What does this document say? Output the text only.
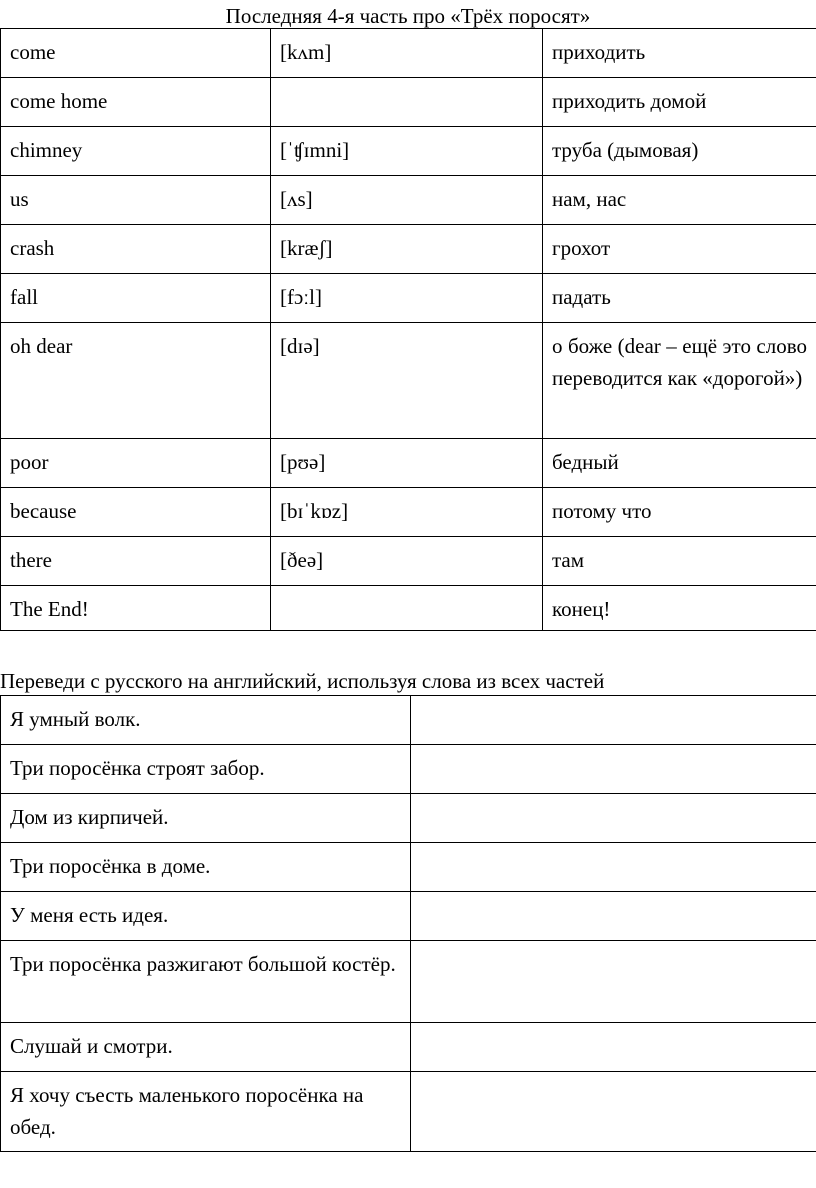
Последняя 4-я часть про «Трёх поросят»
come	[kʌm]	приходить
come home		приходить домой
chimney	[ˈʧɪmni]	труба (дымовая)
us	[ʌs]	нам, нас
crash	[kræʃ]	грохот
fall	[fɔːl]	падать
oh dear	[dɪə]	о боже (dear – ещё это слово переводится как «дорогой»)
poor	[pʊə]	бедный
because	[bɪˈkɒz]	потому что
there	[ðeə]	там
The End!		конец!
Переведи с русского на английский, используя слова из всех частей
Я умный волк.	
Три поросёнка строят забор.	
Дом из кирпичей.	
Три поросёнка в доме.	
У меня есть идея.	
Три поросёнка разжигают большой костёр.	
Слушай и смотри.	
Я хочу съесть маленького поросёнка на обед.	
